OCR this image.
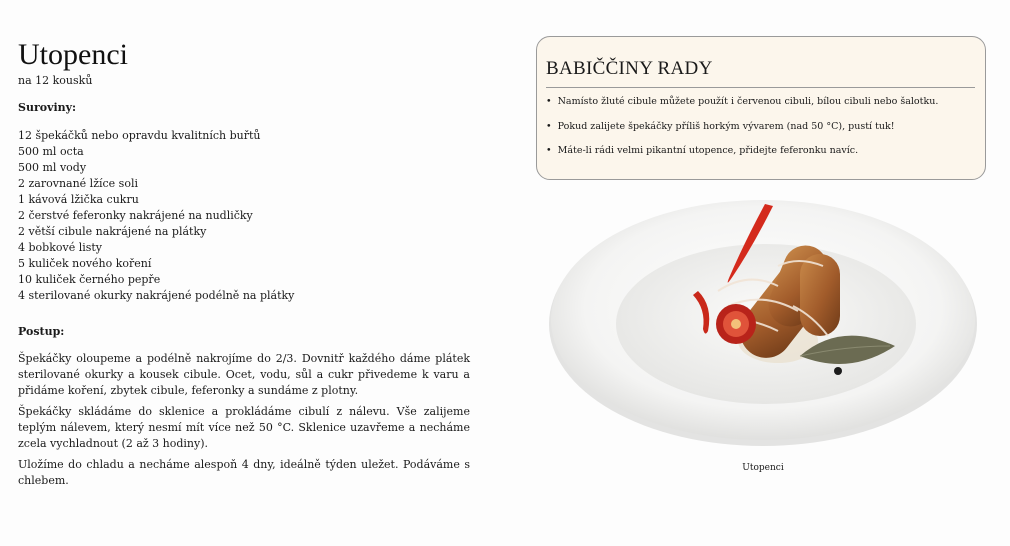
Utopenci
na 12 kousků
Suroviny:
12 špekáčků nebo opravdu kvalitních buřtů
500 ml octa
500 ml vody
2 zarovnané lžíce soli
1 kávová lžička cukru
2 čerstvé feferonky nakrájené na nudličky
2 větší cibule nakrájené na plátky
4 bobkové listy
5 kuliček nového koření
10 kuliček černého pepře
4 sterilované okurky nakrájené podélně na plátky
Postup:

Špekáčky oloupeme a podélně nakrojíme do 2/3. Dovnitř každého dáme plátek sterilované okurky a kousek cibule. Ocet, vodu, sůl a cukr přivedeme k varu a přidáme koření, zbytek cibule, feferonky a sundáme z plotny.

Špekáčky skládáme do sklenice a prokládáme cibulí z nálevu. Vše zalijeme teplým nálevem, který nesmí mít více než 50 °C. Sklenice uzavřeme a necháme zcela vychladnout (2 až 3 hodiny).

Uložíme do chladu a necháme alespoň 4 dny, ideálně týden uležet. Podáváme s chlebem.

BABIČČINY RADY
• Namísto žluté cibule můžete použít i červenou cibuli, bílou cibuli nebo šalotku.
• Pokud zalijete špekáčky příliš horkým vývarem (nad 50 °C), pustí tuk!
• Máte-li rádi velmi pikantní utopence, přidejte feferonku navíc.
Utopenci
